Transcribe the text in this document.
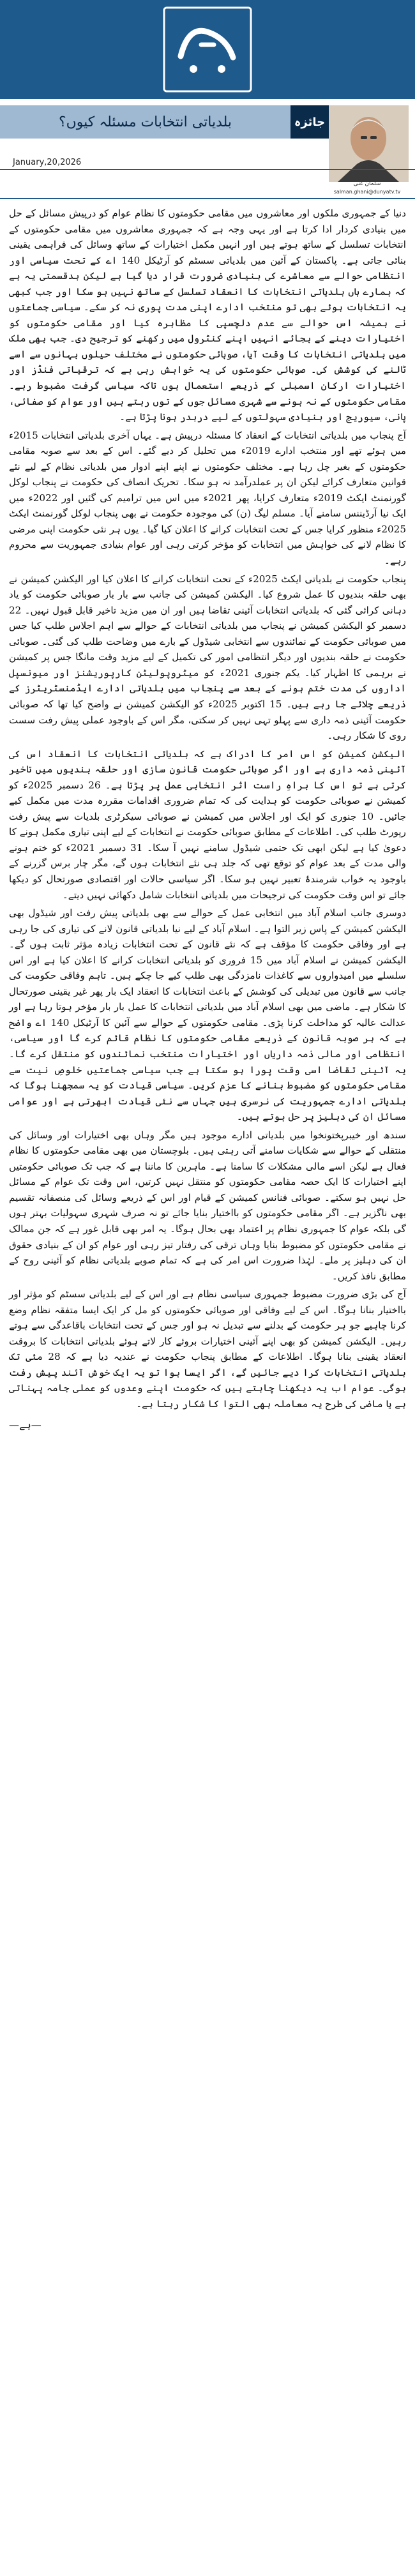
بلدیاتی انتخابات مسئلہ کیوں؟	جائزہ
سلمان غنی
salman.ghani@dunyatv.tv
January,20,2026

دنیا کے جمہوری ملکوں اور معاشروں میں مقامی حکومتوں کا نظام عوام کو درپیش مسائل کے حل میں بنیادی کردار ادا کرتا ہے اور یہی وجہ ہے کہ جمہوری معاشروں میں مقامی حکومتوں کے انتخابات تسلسل کے ساتھ ہوتے ہیں اور انہیں مکمل اختیارات کے ساتھ وسائل کی فراہمی یقینی بنائی جاتی ہے۔ پاکستان کے آئین میں بلدیاتی سسٹم کو آرٹیکل 140 اے کے تحت سیاسی اور انتظامی حوالے سے معاشرے کی بنیادی ضرورت قرار دیا گیا ہے لیکن بدقسمتی یہ ہے کہ ہمارے ہاں بلدیاتی انتخابات کا انعقاد تسلسل کے ساتھ نہیں ہو سکا اور جب کبھی یہ انتخابات ہوئے بھی تو منتخب ادارے اپنی مدت پوری نہ کر سکے۔ سیاسی جماعتوں نے ہمیشہ اس حوالے سے عدم دلچسپی کا مظاہرہ کیا اور مقامی حکومتوں کو اختیارات دینے کے بجائے انہیں اپنے کنٹرول میں رکھنے کو ترجیح دی۔ جب بھی ملک میں بلدیاتی انتخابات کا وقت آیا، صوبائی حکومتوں نے مختلف حیلوں بہانوں سے اسے ٹالنے کی کوشش کی۔ صوبائی حکومتوں کی یہ خواہش رہی ہے کہ ترقیاتی فنڈز اور اختیارات ارکانِ اسمبلی کے ذریعے استعمال ہوں تاکہ سیاسی گرفت مضبوط رہے۔ مقامی حکومتوں کے نہ ہونے سے شہری مسائل جوں کے توں رہتے ہیں اور عوام کو صفائی، پانی، سیوریج اور بنیادی سہولتوں کے لیے دربدر ہونا پڑتا ہے۔

آج پنجاب میں بلدیاتی انتخابات کے انعقاد کا مسئلہ درپیش ہے۔ یہاں آخری بلدیاتی انتخابات 2015ء میں ہوئے تھے اور منتخب ادارے 2019ء میں تحلیل کر دیے گئے۔ اس کے بعد سے صوبہ مقامی حکومتوں کے بغیر چل رہا ہے۔ مختلف حکومتوں نے اپنے اپنے ادوار میں بلدیاتی نظام کے لیے نئے قوانین متعارف کرائے لیکن ان پر عملدرآمد نہ ہو سکا۔ تحریک انصاف کی حکومت نے پنجاب لوکل گورنمنٹ ایکٹ 2019ء متعارف کرایا، پھر 2021ء میں اس میں ترامیم کی گئیں اور 2022ء میں ایک نیا آرڈیننس سامنے آیا۔ مسلم لیگ (ن) کی موجودہ حکومت نے بھی پنجاب لوکل گورنمنٹ ایکٹ 2025ء منظور کرایا جس کے تحت انتخابات کرانے کا اعلان کیا گیا۔ یوں ہر نئی حکومت اپنی مرضی کا نظام لانے کی خواہش میں انتخابات کو مؤخر کرتی رہی اور عوام بنیادی جمہوریت سے محروم رہے۔

پنجاب حکومت نے بلدیاتی ایکٹ 2025ء کے تحت انتخابات کرانے کا اعلان کیا اور الیکشن کمیشن نے بھی حلقہ بندیوں کا عمل شروع کیا۔ الیکشن کمیشن کی جانب سے بار بار صوبائی حکومت کو یاد دہانی کرائی گئی کہ بلدیاتی انتخابات آئینی تقاضا ہیں اور ان میں مزید تاخیر قابل قبول نہیں۔ 22 دسمبر کو الیکشن کمیشن نے پنجاب میں بلدیاتی انتخابات کے حوالے سے اہم اجلاس طلب کیا جس میں صوبائی حکومت کے نمائندوں سے انتخابی شیڈول کے بارے میں وضاحت طلب کی گئی۔ صوبائی حکومت نے حلقہ بندیوں اور دیگر انتظامی امور کی تکمیل کے لیے مزید وقت مانگا جس پر کمیشن نے برہمی کا اظہار کیا۔ یکم جنوری 2021ء کو میٹروپولیٹن کارپوریشنز اور میونسپل اداروں کی مدت ختم ہونے کے بعد سے پنجاب میں بلدیاتی ادارے ایڈمنسٹریٹرز کے ذریعے چلائے جا رہے ہیں۔ 15 اکتوبر 2025ء کو الیکشن کمیشن نے واضح کیا تھا کہ صوبائی حکومت آئینی ذمہ داری سے پہلو تہی نہیں کر سکتی، مگر اس کے باوجود عملی پیش رفت سست روی کا شکار رہی۔

الیکشن کمیشن کو اس امر کا ادراک ہے کہ بلدیاتی انتخابات کا انعقاد اس کی آئینی ذمہ داری ہے اور اگر صوبائی حکومت قانون سازی اور حلقہ بندیوں میں تاخیر کرتی ہے تو اس کا براہِ راست اثر انتخابی عمل پر پڑتا ہے۔ 26 دسمبر 2025ء کو کمیشن نے صوبائی حکومت کو ہدایت کی کہ تمام ضروری اقدامات مقررہ مدت میں مکمل کیے جائیں۔ 10 جنوری کو ایک اور اجلاس میں کمیشن نے صوبائی سیکرٹری بلدیات سے پیش رفت رپورٹ طلب کی۔ اطلاعات کے مطابق صوبائی حکومت نے انتخابات کے لیے اپنی تیاری مکمل ہونے کا دعویٰ کیا ہے لیکن ابھی تک حتمی شیڈول سامنے نہیں آ سکا۔ 31 دسمبر 2021ء کو ختم ہونے والی مدت کے بعد عوام کو توقع تھی کہ جلد ہی نئے انتخابات ہوں گے، مگر چار برس گزرنے کے باوجود یہ خواب شرمندۂ تعبیر نہیں ہو سکا۔ اگر سیاسی حالات اور اقتصادی صورتحال کو دیکھا جائے تو اس وقت حکومت کی ترجیحات میں بلدیاتی انتخابات شامل دکھائی نہیں دیتے۔

دوسری جانب اسلام آباد میں انتخابی عمل کے حوالے سے بھی بلدیاتی پیش رفت اور شیڈول بھی الیکشن کمیشن کے پاس زیر التوا ہے۔ اسلام آباد کے لیے نیا بلدیاتی قانون لانے کی تیاری کی جا رہی ہے اور وفاقی حکومت کا مؤقف ہے کہ نئے قانون کے تحت انتخابات زیادہ مؤثر ثابت ہوں گے۔ الیکشن کمیشن نے اسلام آباد میں 15 فروری کو بلدیاتی انتخابات کرانے کا اعلان کیا ہے اور اس سلسلے میں امیدواروں سے کاغذات نامزدگی بھی طلب کیے جا چکے ہیں۔ تاہم وفاقی حکومت کی جانب سے قانون میں تبدیلی کی کوشش کے باعث انتخابات کا انعقاد ایک بار پھر غیر یقینی صورتحال کا شکار ہے۔ ماضی میں بھی اسلام آباد میں بلدیاتی انتخابات کا عمل بار بار مؤخر ہوتا رہا ہے اور عدالت عالیہ کو مداخلت کرنا پڑی۔ مقامی حکومتوں کے حوالے سے آئین کا آرٹیکل 140 اے واضح ہے کہ ہر صوبہ قانون کے ذریعے مقامی حکومتوں کا نظام قائم کرے گا اور سیاسی، انتظامی اور مالی ذمہ داریاں اور اختیارات منتخب نمائندوں کو منتقل کرے گا۔ یہ آئینی تقاضا اسی وقت پورا ہو سکتا ہے جب سیاسی جماعتیں خلوصِ نیت سے مقامی حکومتوں کو مضبوط بنانے کا عزم کریں۔ سیاسی قیادت کو یہ سمجھنا ہوگا کہ بلدیاتی ادارے جمہوریت کی نرسری ہیں جہاں سے نئی قیادت ابھرتی ہے اور عوامی مسائل ان کی دہلیز پر حل ہوتے ہیں۔

سندھ اور خیبرپختونخوا میں بلدیاتی ادارے موجود ہیں مگر وہاں بھی اختیارات اور وسائل کی منتقلی کے حوالے سے شکایات سامنے آتی رہتی ہیں۔ بلوچستان میں بھی مقامی حکومتوں کا نظام فعال ہے لیکن اسے مالی مشکلات کا سامنا ہے۔ ماہرین کا ماننا ہے کہ جب تک صوبائی حکومتیں اپنے اختیارات کا ایک حصہ مقامی حکومتوں کو منتقل نہیں کرتیں، اس وقت تک عوام کے مسائل حل نہیں ہو سکتے۔ صوبائی فنانس کمیشن کے قیام اور اس کے ذریعے وسائل کی منصفانہ تقسیم بھی ناگزیر ہے۔ اگر مقامی حکومتوں کو بااختیار بنایا جائے تو نہ صرف شہری سہولیات بہتر ہوں گی بلکہ عوام کا جمہوری نظام پر اعتماد بھی بحال ہوگا۔ یہ امر بھی قابل غور ہے کہ جن ممالک نے مقامی حکومتوں کو مضبوط بنایا وہاں ترقی کی رفتار تیز رہی اور عوام کو ان کے بنیادی حقوق ان کی دہلیز پر ملے۔ لہٰذا ضرورت اس امر کی ہے کہ تمام صوبے بلدیاتی نظام کو آئینی روح کے مطابق نافذ کریں۔

آج کی بڑی ضرورت مضبوط جمہوری سیاسی نظام ہے اور اس کے لیے بلدیاتی سسٹم کو مؤثر اور بااختیار بنانا ہوگا۔ اس کے لیے وفاقی اور صوبائی حکومتوں کو مل کر ایک ایسا متفقہ نظام وضع کرنا چاہیے جو ہر حکومت کے بدلنے سے تبدیل نہ ہو اور جس کے تحت انتخابات باقاعدگی سے ہوتے رہیں۔ الیکشن کمیشن کو بھی اپنے آئینی اختیارات بروئے کار لاتے ہوئے بلدیاتی انتخابات کا بروقت انعقاد یقینی بنانا ہوگا۔ اطلاعات کے مطابق پنجاب حکومت نے عندیہ دیا ہے کہ 28 مئی تک بلدیاتی انتخابات کرا دیے جائیں گے، اگر ایسا ہوا تو یہ ایک خوش آئند پیش رفت ہوگی۔ عوام اب یہ دیکھنا چاہتے ہیں کہ حکومت اپنے وعدوں کو عملی جامہ پہناتی ہے یا ماضی کی طرح یہ معاملہ بھی التوا کا شکار رہتا ہے۔

—ہے—
